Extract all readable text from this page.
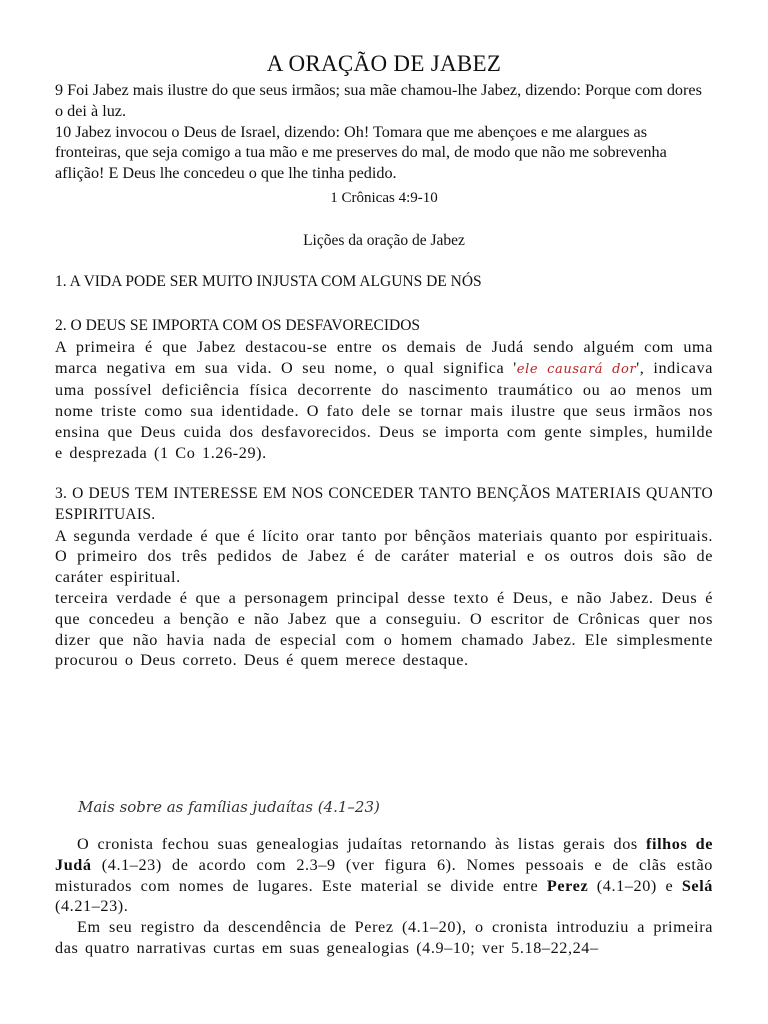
A ORAÇÃO DE JABEZ
9 Foi Jabez mais ilustre do que seus irmãos; sua mãe chamou-lhe Jabez, dizendo: Porque com dores o dei à luz.
10 Jabez invocou o Deus de Israel, dizendo: Oh! Tomara que me abençoes e me alargues as fronteiras, que seja comigo a tua mão e me preserves do mal, de modo que não me sobrevenha aflição! E Deus lhe concedeu o que lhe tinha pedido.
1 Crônicas 4:9-10
Lições da oração de Jabez
1. A VIDA PODE SER MUITO INJUSTA COM ALGUNS DE NÓS
2. O DEUS SE IMPORTA COM OS DESFAVORECIDOS
A primeira é que Jabez destacou-se entre os demais de Judá sendo alguém com uma marca negativa em sua vida. O seu nome, o qual significa 'ele causará dor', indicava uma possível deficiência física decorrente do nascimento traumático ou ao menos um nome triste como sua identidade. O fato dele se tornar mais ilustre que seus irmãos nos ensina que Deus cuida dos desfavorecidos. Deus se importa com gente simples, humilde e desprezada (1 Co 1.26-29).
3. O DEUS TEM INTERESSE EM NOS CONCEDER TANTO BENÇÃOS MATERIAIS QUANTO ESPIRITUAIS.
A segunda verdade é que é lícito orar tanto por bênçãos materiais quanto por espirituais. O primeiro dos três pedidos de Jabez é de caráter material e os outros dois são de caráter espiritual.
terceira verdade é que a personagem principal desse texto é Deus, e não Jabez. Deus é que concedeu a benção e não Jabez que a conseguiu. O escritor de Crônicas quer nos dizer que não havia nada de especial com o homem chamado Jabez. Ele simplesmente procurou o Deus correto. Deus é quem merece destaque.
Mais sobre as famílias judaítas (4.1–23)
O cronista fechou suas genealogias judaítas retornando às listas gerais dos filhos de Judá (4.1–23) de acordo com 2.3–9 (ver figura 6). Nomes pessoais e de clãs estão misturados com nomes de lugares. Este material se divide entre Perez (4.1–20) e Selá (4.21–23).
Em seu registro da descendência de Perez (4.1–20), o cronista introduziu a primeira das quatro narrativas curtas em suas genealogias (4.9–10; ver 5.18–22,24–
